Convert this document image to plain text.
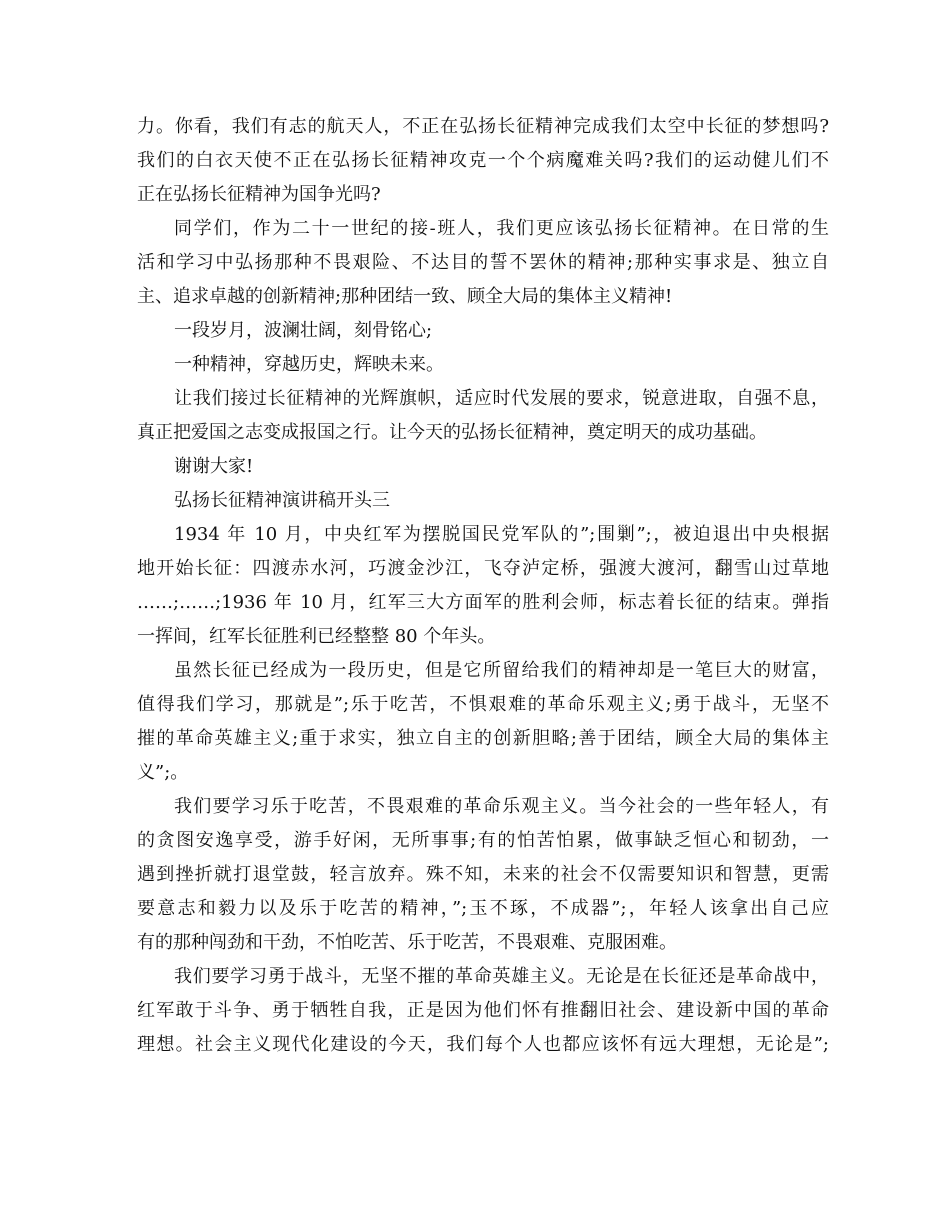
力。你看，我们有志的航天人，不正在弘扬长征精神完成我们太空中长征的梦想吗?
我们的白衣天使不正在弘扬长征精神攻克一个个病魔难关吗?我们的运动健儿们不
正在弘扬长征精神为国争光吗?
同学们，作为二十一世纪的接-班人，我们更应该弘扬长征精神。在日常的生
活和学习中弘扬那种不畏艰险、不达目的誓不罢休的精神;那种实事求是、独立自
主、追求卓越的创新精神;那种团结一致、顾全大局的集体主义精神!
一段岁月，波澜壮阔，刻骨铭心;
一种精神，穿越历史，辉映未来。
让我们接过长征精神的光辉旗帜，适应时代发展的要求，锐意进取，自强不息，
真正把爱国之志变成报国之行。让今天的弘扬长征精神，奠定明天的成功基础。
谢谢大家!
弘扬长征精神演讲稿开头三
1934 年 10 月，中央红军为摆脱国民党军队的”;围剿”;，被迫退出中央根据
地开始长征：四渡赤水河，巧渡金沙江，飞夺泸定桥，强渡大渡河，翻雪山过草地
……;……;1936 年 10 月，红军三大方面军的胜利会师，标志着长征的结束。弹指
一挥间，红军长征胜利已经整整 80 个年头。
虽然长征已经成为一段历史，但是它所留给我们的精神却是一笔巨大的财富，
值得我们学习，那就是”;乐于吃苦，不惧艰难的革命乐观主义;勇于战斗，无坚不
摧的革命英雄主义;重于求实，独立自主的创新胆略;善于团结，顾全大局的集体主
义”;。
我们要学习乐于吃苦，不畏艰难的革命乐观主义。当今社会的一些年轻人，有
的贪图安逸享受，游手好闲，无所事事;有的怕苦怕累，做事缺乏恒心和韧劲，一
遇到挫折就打退堂鼓，轻言放弃。殊不知，未来的社会不仅需要知识和智慧，更需
要意志和毅力以及乐于吃苦的精神，”;玉不琢，不成器”;，年轻人该拿出自己应
有的那种闯劲和干劲，不怕吃苦、乐于吃苦，不畏艰难、克服困难。
我们要学习勇于战斗，无坚不摧的革命英雄主义。无论是在长征还是革命战中，
红军敢于斗争、勇于牺牲自我，正是因为他们怀有推翻旧社会、建设新中国的革命
理想。社会主义现代化建设的今天，我们每个人也都应该怀有远大理想，无论是”;
